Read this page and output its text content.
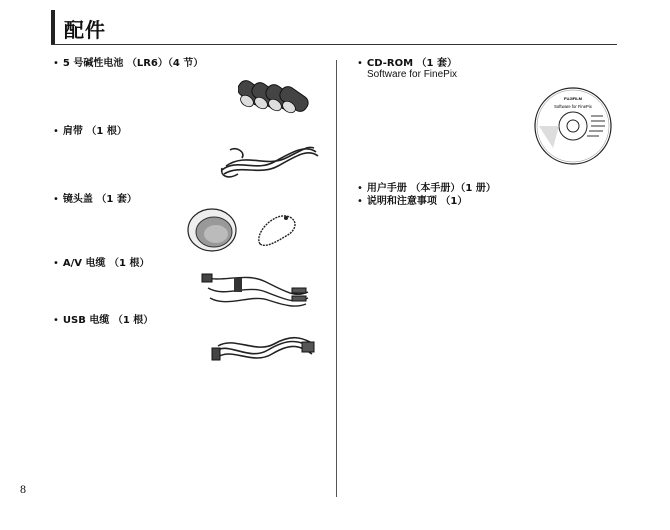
配件
• 5 号碱性电池 （LR6）（4 节）
• 肩带 （1 根）
• 镜头盖 （1 套）
• A/V 电缆 （1 根）
• USB 电缆 （1 根）
• CD-ROM （1 套）
Software for FinePix
• 用户手册 （本手册）（1 册）
• 说明和注意事项 （1）
FUJIFILM
Software for FinePix
8
